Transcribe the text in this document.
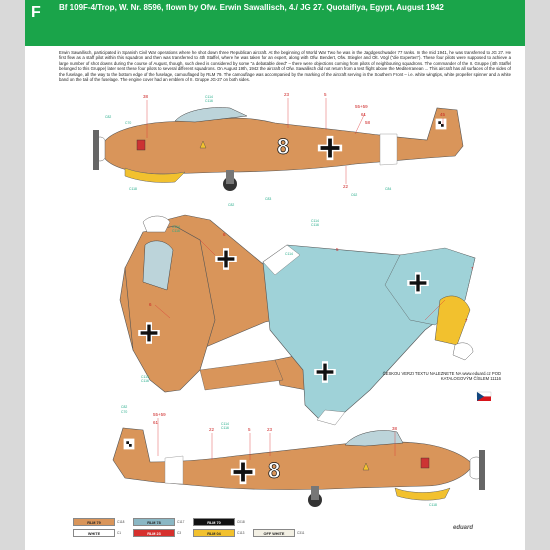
F Bf 109F-4/Trop, W. Nr. 8596, flown by Ofw. Erwin Sawallisch, 4./ JG 27. Quotaifiya, Egypt, August 1942
Erwin Sawallisch, participated in Spanish Civil War operations where he shot down three Republican aircraft. At the beginning of World War Two he was in the Jagdgeschwader 77 ranks. In the mid 1941, he was transferred to JG 27. He first flew as a staff pilot within this squadron and then was transferred to 4th Staffel, where he was taken for an expert, along with Ofw. Bendert, Ofw. Stiegler and Olt. Vögl ("die Experten"). These four pilots were supposed to achieve a large number of shot downs during the course of August, though, such deed is considered by some "a debatable deed" – there were objections coming from pilots of neighbouring squadrons. The commander of the II. Gruppe (4th Staffel belonged to this Gruppe) later sent these four pilots to several different squadrons. On August 19th, 1942 the aircraft of Ofw. Sawallisch did not return from a test flight above the Mediterranean ... This aircraft has all surfaces of the sides of the fuselage, all the way to the bottom edge of the fuselage, camouflaged by RLM 79. The camouflage was accompanied by the marking of the aircraft serving in the Southern Front – i.e. white wingtips, white propeller spinner and a white band on the tail of the fuselage. The engine cover had an emblem of II. Gruppe JG-27 on both sides.
8
8
38	23	5
55+59
61
58
45
22
6
6
5
7
7
55+59
61
22	5	23	38
C82
C70
C114
C116
C118
C83
C84
C62
C82
C114
C116
C114
C116
C114
C116
C114
C82
C70
C114
C116
C118
ČESKOU VERZI TEXTU NALEZNETE NA www.eduard.cz POD KATALOGOVÝM ČÍSLEM 11116
RLM 79	C118	RLM 78	C117	RLM 70	C018
WHITE	C1	RLM 23	C3	RLM 04	C113	OFF WHITE	C311
eduard
